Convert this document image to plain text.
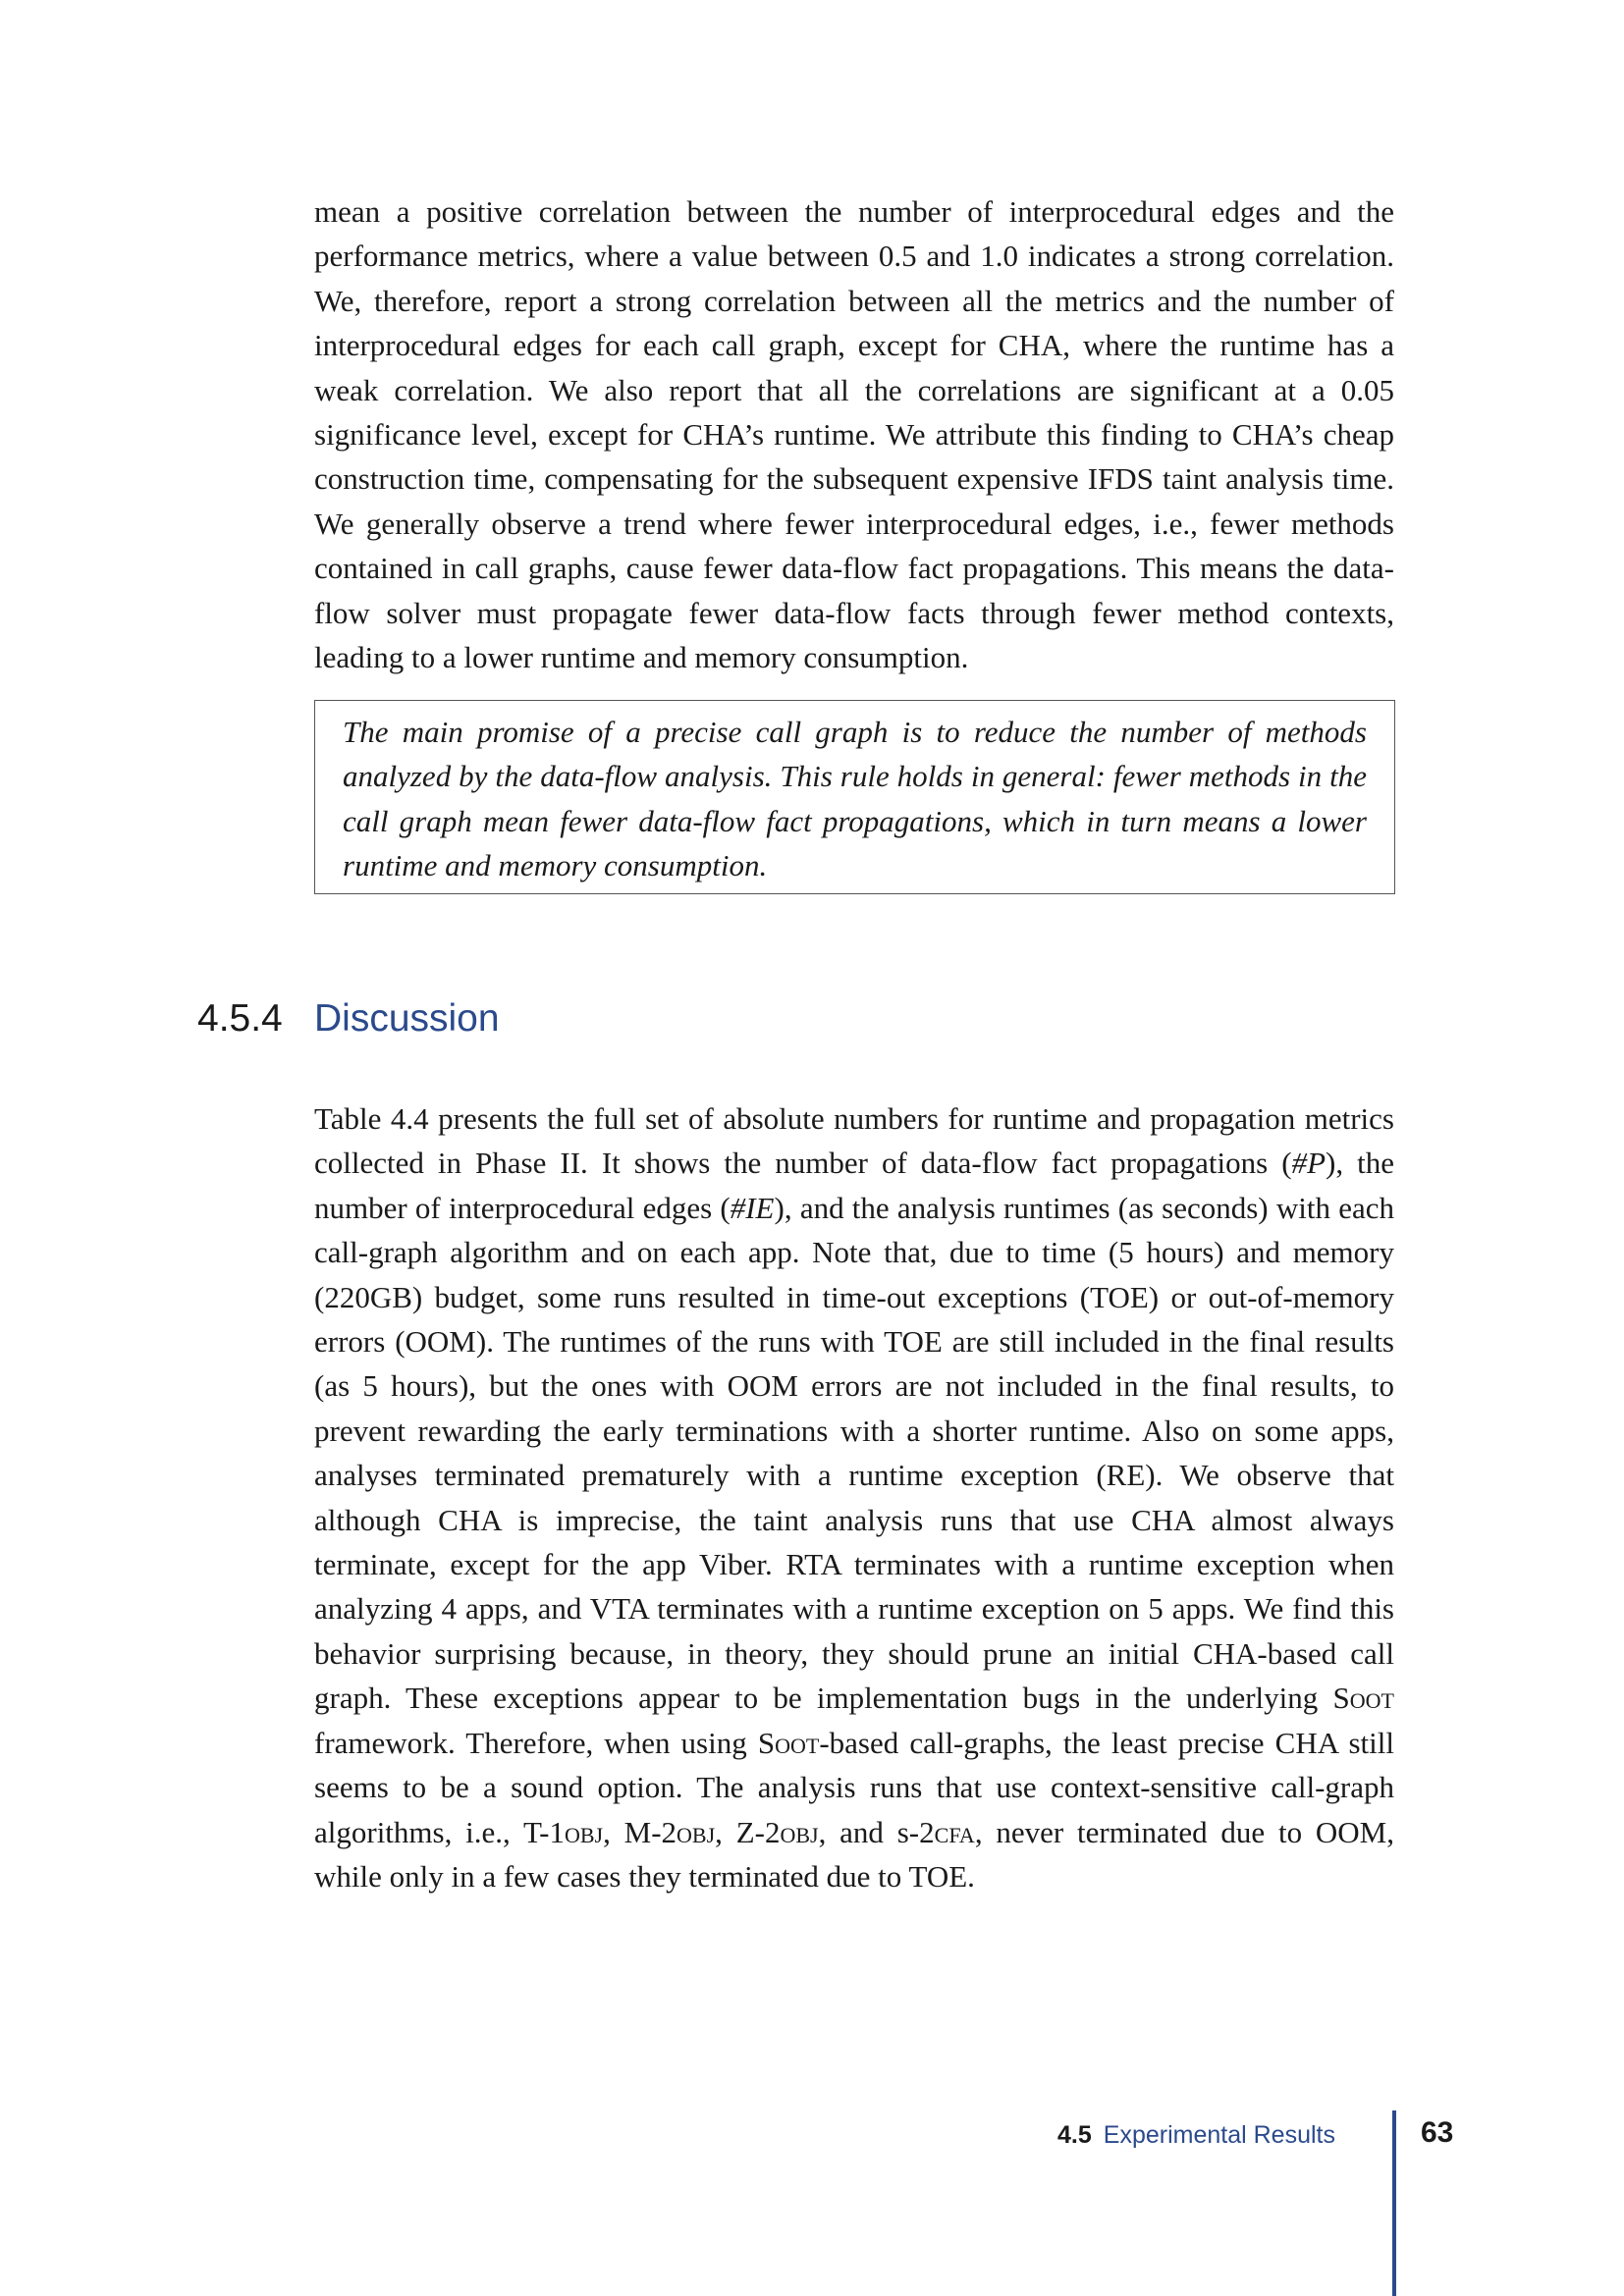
mean a positive correlation between the number of interprocedural edges and the performance metrics, where a value between 0.5 and 1.0 indicates a strong correlation. We, therefore, report a strong correlation between all the metrics and the number of interprocedural edges for each call graph, except for CHA, where the runtime has a weak correlation. We also report that all the correlations are significant at a 0.05 significance level, except for CHA’s runtime. We attribute this finding to CHA’s cheap construction time, compensating for the subsequent expensive IFDS taint analysis time. We generally observe a trend where fewer interprocedural edges, i.e., fewer methods contained in call graphs, cause fewer data-flow fact propagations. This means the data-flow solver must propagate fewer data-flow facts through fewer method contexts, leading to a lower runtime and memory consumption.

The main promise of a precise call graph is to reduce the number of methods analyzed by the data-flow analysis. This rule holds in general: fewer methods in the call graph mean fewer data-flow fact propagations, which in turn means a lower runtime and memory consumption.

4.5.4 Discussion

Table 4.4 presents the full set of absolute numbers for runtime and propagation metrics collected in Phase II. It shows the number of data-flow fact propagations (#P), the number of interprocedural edges (#IE), and the analysis runtimes (as seconds) with each call-graph algorithm and on each app. Note that, due to time (5 hours) and memory (220GB) budget, some runs resulted in time-out exceptions (TOE) or out-of-memory errors (OOM). The runtimes of the runs with TOE are still included in the final results (as 5 hours), but the ones with OOM errors are not included in the final results, to prevent rewarding the early terminations with a shorter runtime. Also on some apps, analyses terminated prematurely with a runtime exception (RE). We observe that although CHA is imprecise, the taint analysis runs that use CHA almost always terminate, except for the app Viber. RTA terminates with a runtime exception when analyzing 4 apps, and VTA terminates with a runtime exception on 5 apps. We find this behavior surprising because, in theory, they should prune an initial CHA-based call graph. These exceptions appear to be implementation bugs in the underlying Soot framework. Therefore, when using Soot-based call-graphs, the least precise CHA still seems to be a sound option. The analysis runs that use context-sensitive call-graph algorithms, i.e., T-1obj, M-2obj, Z-2obj, and s-2cfa, never terminated due to OOM, while only in a few cases they terminated due to TOE.

4.5 Experimental Results	63
